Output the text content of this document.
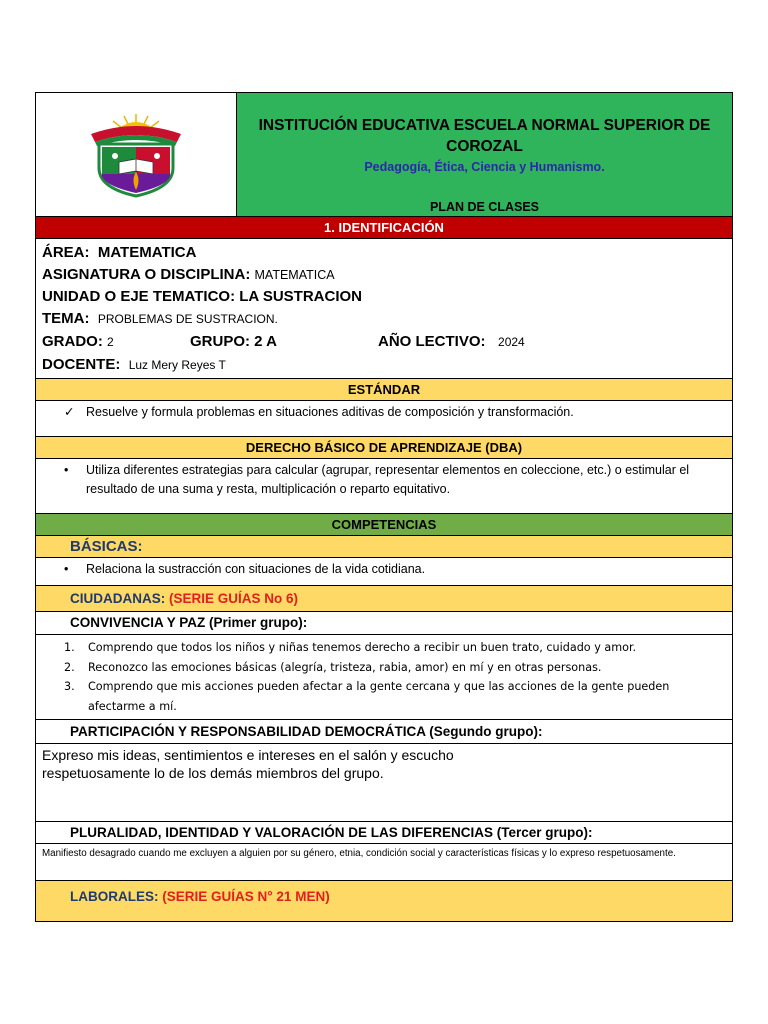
INSTITUCIÓN EDUCATIVA ESCUELA NORMAL SUPERIOR DE COROZAL
Pedagogía, Ética, Ciencia y Humanismo.
PLAN DE CLASES
1. IDENTIFICACIÓN
ÁREA: MATEMATICA
ASIGNATURA O DISCIPLINA: MATEMATICA
UNIDAD O EJE TEMATICO: LA SUSTRACION
TEMA: PROBLEMAS DE SUSTRACION.
GRADO: 2	GRUPO: 2 A	AÑO LECTIVO: 2024
DOCENTE: Luz Mery Reyes T
ESTÁNDAR
✓ Resuelve y formula problemas en situaciones aditivas de composición y transformación.
DERECHO BÁSICO DE APRENDIZAJE (DBA)
•	Utiliza diferentes estrategias para calcular (agrupar, representar elementos en coleccione, etc.) o estimular el resultado de una suma y resta, multiplicación o reparto equitativo.
COMPETENCIAS
BÁSICAS:
•	Relaciona la sustracción con situaciones de la vida cotidiana.
CIUDADANAS: (SERIE GUÍAS No 6)
CONVIVENCIA Y PAZ (Primer grupo):
1. Comprendo que todos los niños y niñas tenemos derecho a recibir un buen trato, cuidado y amor.
2. Reconozco las emociones básicas (alegría, tristeza, rabia, amor) en mí y en otras personas.
3. Comprendo que mis acciones pueden afectar a la gente cercana y que las acciones de la gente pueden afectarme a mí.
PARTICIPACIÓN Y RESPONSABILIDAD DEMOCRÁTICA (Segundo grupo):
Expreso mis ideas, sentimientos e intereses en el salón y escucho respetuosamente lo de los demás miembros del grupo.
PLURALIDAD, IDENTIDAD Y VALORACIÓN DE LAS DIFERENCIAS (Tercer grupo):
Manifiesto desagrado cuando me excluyen a alguien por su género, etnia, condición social y características físicas y lo expreso respetuosamente.
LABORALES: (SERIE GUÍAS N° 21 MEN)
